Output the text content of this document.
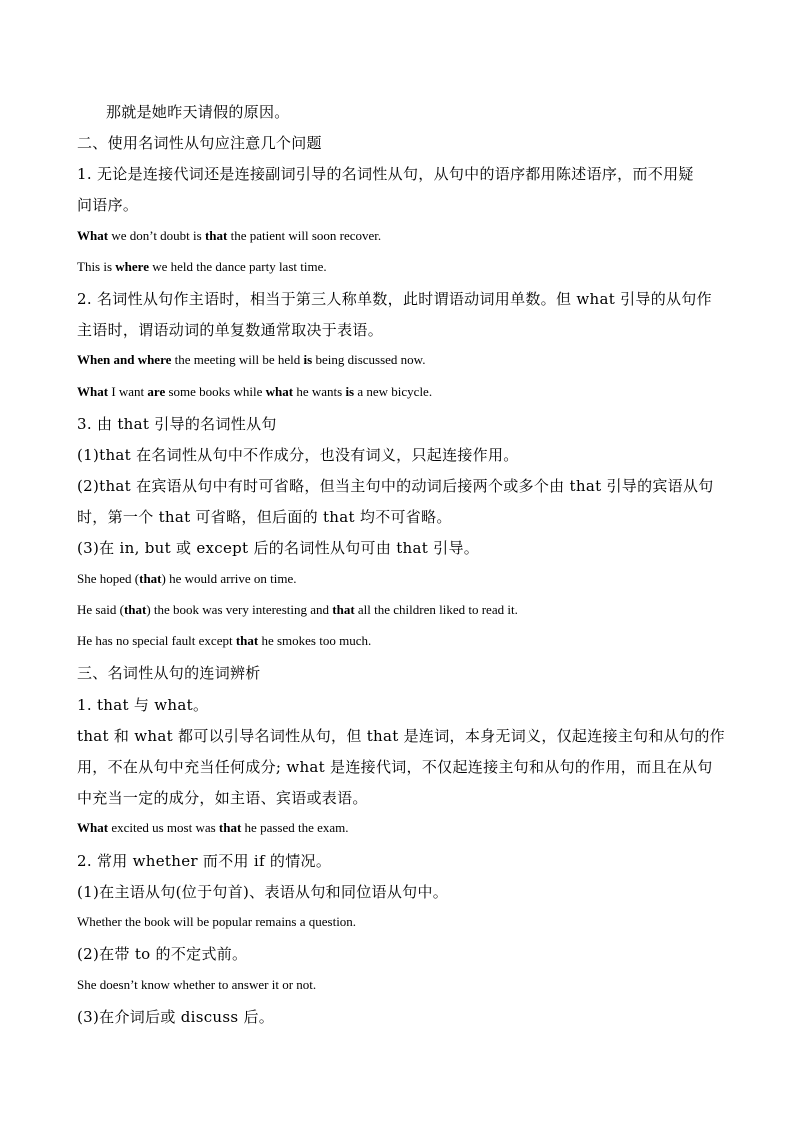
那就是她昨天请假的原因。
二、使用名词性从句应注意几个问题
1. 无论是连接代词还是连接副词引导的名词性从句，从句中的语序都用陈述语序，而不用疑
问语序。
What we don’t doubt is that the patient will soon recover.
This is where we held the dance party last time.
2. 名词性从句作主语时，相当于第三人称单数，此时谓语动词用单数。但 what 引导的从句作
主语时，谓语动词的单复数通常取决于表语。
When and where the meeting will be held is being discussed now.
What I want are some books while what he wants is a new bicycle.
3. 由 that 引导的名词性从句
(1)that 在名词性从句中不作成分，也没有词义，只起连接作用。
(2)that 在宾语从句中有时可省略，但当主句中的动词后接两个或多个由 that 引导的宾语从句
时，第一个 that 可省略，但后面的 that 均不可省略。
(3)在 in, but 或 except 后的名词性从句可由 that 引导。
She hoped (that) he would arrive on time.
He said (that) the book was very interesting and that all the children liked to read it.
He has no special fault except that he smokes too much.
三、名词性从句的连词辨析
1. that 与 what。
that 和 what 都可以引导名词性从句，但 that 是连词，本身无词义，仅起连接主句和从句的作
用，不在从句中充当任何成分; what 是连接代词，不仅起连接主句和从句的作用，而且在从句
中充当一定的成分，如主语、宾语或表语。
What excited us most was that he passed the exam.
2. 常用 whether 而不用 if 的情况。
(1)在主语从句(位于句首)、表语从句和同位语从句中。
Whether the book will be popular remains a question.
(2)在带 to 的不定式前。
She doesn’t know whether to answer it or not.
(3)在介词后或 discuss 后。
